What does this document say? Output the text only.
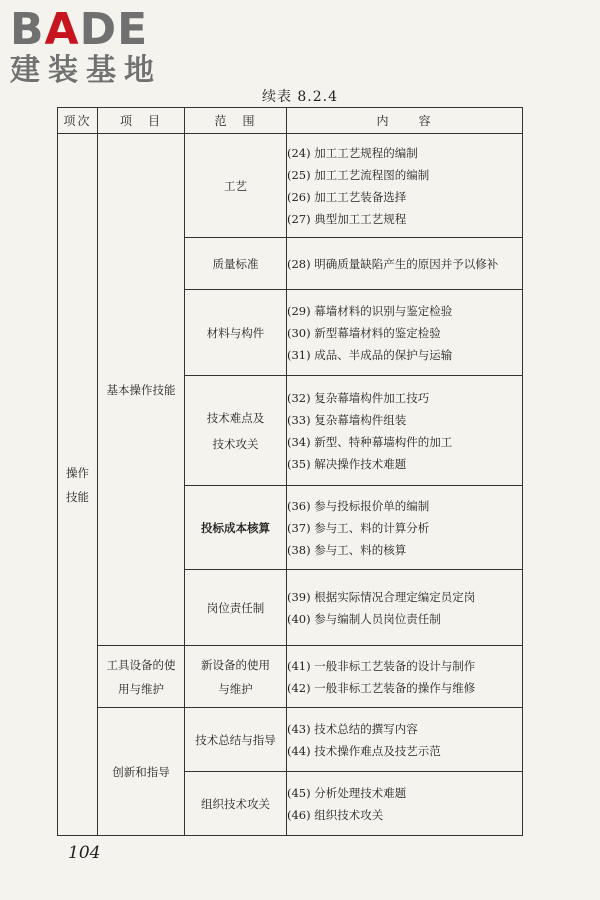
BADE
建装基地
续表 8.2.4
项次	项　目	范　围	内　　容
操作技能	基本操作技能	工艺	(24) 加工工艺规程的编制
(25) 加工工艺流程图的编制
(26) 加工工艺装备选择
(27) 典型加工工艺规程

		质量标准	(28) 明确质量缺陷产生的原因并予以修补

		材料与构件	(29) 幕墙材料的识别与鉴定检验
(30) 新型幕墙材料的鉴定检验
(31) 成品、半成品的保护与运输

		技术难点及技术攻关	(32) 复杂幕墙构件加工技巧
(33) 复杂幕墙构件组装
(34) 新型、特种幕墙构件的加工
(35) 解决操作技术难题

		投标成本核算	(36) 参与投标报价单的编制
(37) 参与工、料的计算分析
(38) 参与工、料的核算

		岗位责任制	(39) 根据实际情况合理定编定员定岗
(40) 参与编制人员岗位责任制

	工具设备的使用与维护	新设备的使用与维护	(41) 一般非标工艺装备的设计与制作
(42) 一般非标工艺装备的操作与维修

	创新和指导	技术总结与指导	(43) 技术总结的撰写内容
(44) 技术操作难点及技艺示范

		组织技术攻关	(45) 分析处理技术难题
(46) 组织技术攻关
104
